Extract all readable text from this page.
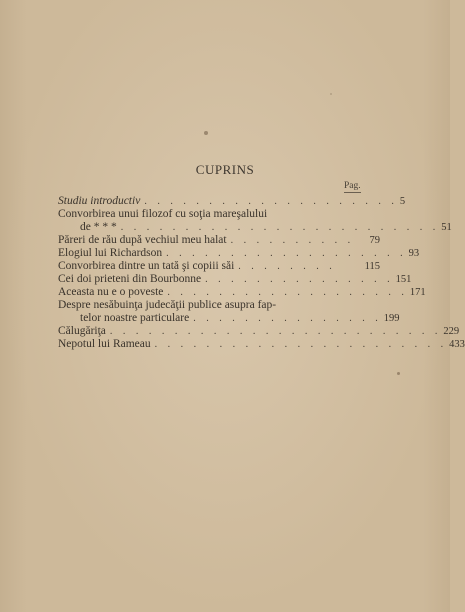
CUPRINS
Pag.
Studiu introductiv . . . . . . . . . . . . . . . . . . . . 5
Convorbirea unui filozof cu soţia mareşalului
de * * * . . . . . . . . . . . . . . . . . . . . . . . . . 51
Păreri de rău după vechiul meu halat . . . . . . . . . .	79
Elogiul lui Richardson . . . . . . . . . . . . . . . . . . . 93
Convorbirea dintre un tată şi copiii săi . . . . . . . .	115
Cei doi prieteni din Bourbonne . . . . . . . . . . . . . . . 151
Aceasta nu e o poveste . . . . . . . . . . . . . . . . . . . 171
Despre nesăbuinţa judecăţii publice asupra fap-
telor noastre particulare . . . . . . . . . . . . . . . 199
Călugăriţa . . . . . . . . . . . . . . . . . . . . . . . . . . 229
Nepotul lui Rameau . . . . . . . . . . . . . . . . . . . . . . . 433
